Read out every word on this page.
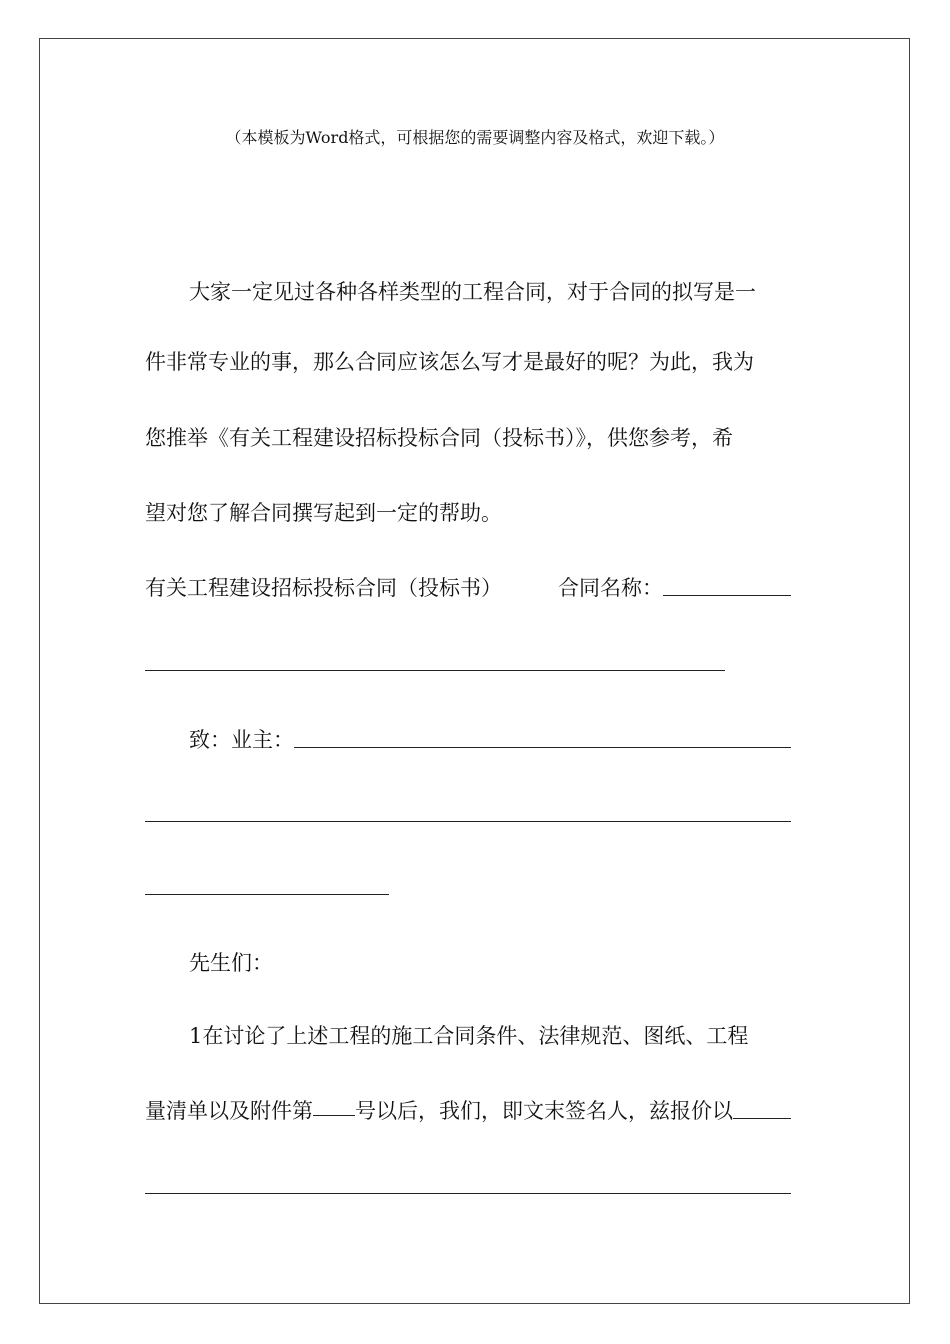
（本模板为Word格式，可根据您的需要调整内容及格式，欢迎下载。）
大家一定见过各种各样类型的工程合同，对于合同的拟写是一
件非常专业的事，那么合同应该怎么写才是最好的呢？为此，我为
您推举《有关工程建设招标投标合同（投标书）》，供您参考，希
望对您了解合同撰写起到一定的帮助。
有关工程建设招标投标合同（投标书）	合同名称：
致：业主：
先生们：
1在讨论了上述工程的施工合同条件、法律规范、图纸、工程
量清单以及附件第 号以后，我们，即文末签名人，兹报价以
